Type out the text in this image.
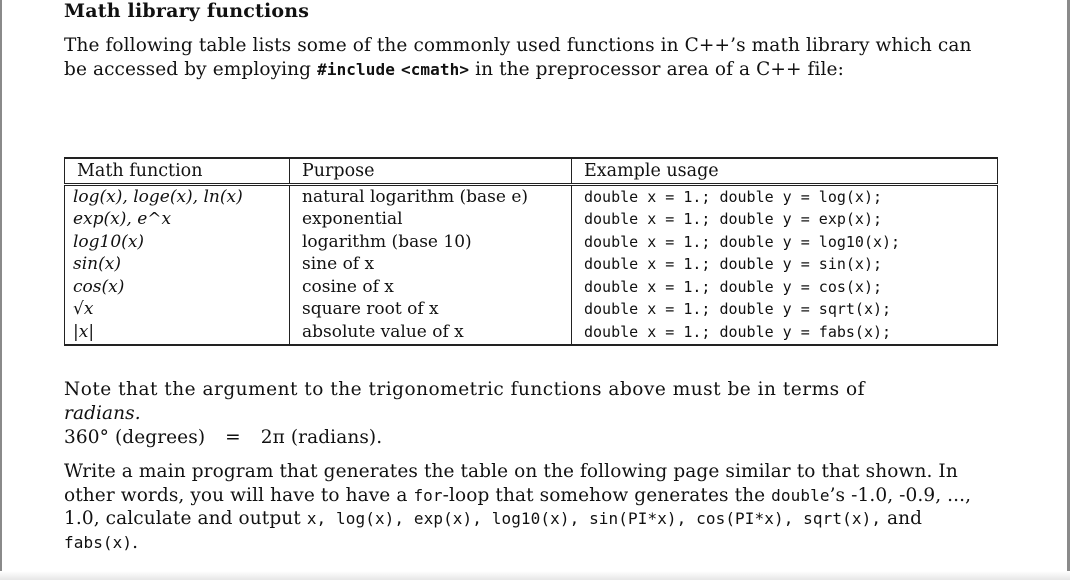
Math library functions
The following table lists some of the commonly used functions in C++’s math library which can be accessed by employing #include <cmath> in the preprocessor area of a C++ file:
Math function	Purpose	Example usage
log(x), loge(x), ln(x)	natural logarithm (base e)	double x = 1.; double y = log(x);
exp(x), e^x	exponential	double x = 1.; double y = exp(x);
log10(x)	logarithm (base 10)	double x = 1.; double y = log10(x);
sin(x)	sine of x	double x = 1.; double y = sin(x);
cos(x)	cosine of x	double x = 1.; double y = cos(x);
√x	square root of x	double x = 1.; double y = sqrt(x);
|x|	absolute value of x	double x = 1.; double y = fabs(x);
Note that the argument to the trigonometric functions above must be in terms of
radians.
360° (degrees) = 2π (radians).
Write a main program that generates the table on the following page similar to that shown. In other words, you will have to have a for-loop that somehow generates the double’s -1.0, -0.9, ..., 1.0, calculate and output x, log(x), exp(x), log10(x), sin(PI*x), cos(PI*x), sqrt(x), and fabs(x).
